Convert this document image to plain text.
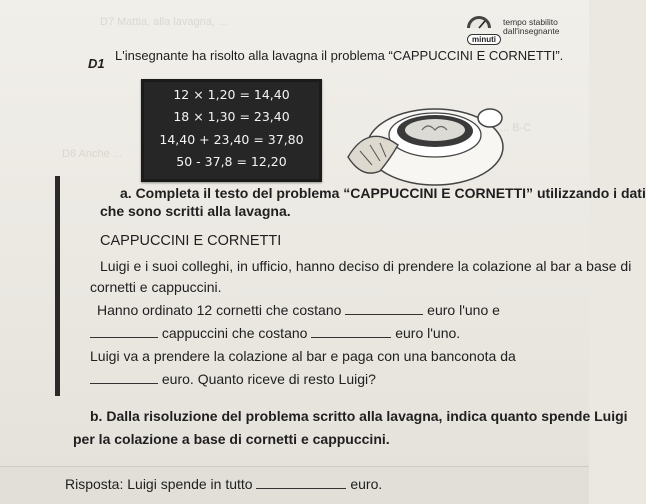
D7 Mattia, alla lavagna, ...
D8 Anche ...
... B-C
minuti
tempo stabilito
dall'insegnante
D1
L'insegnante ha risolto alla lavagna il problema “CAPPUCCINI E CORNETTI”.
12 × 1,20 = 14,40
18 × 1,30 = 23,40
14,40 + 23,40 = 37,80
50 - 37,8 = 12,20
a. Completa il testo del problema “CAPPUCCINI E CORNETTI” utilizzando i dati
che sono scritti alla lavagna.
CAPPUCCINI E CORNETTI
Luigi e i suoi colleghi, in ufficio, hanno deciso di prendere la colazione al bar a base di
cornetti e cappuccini.
Hanno ordinato 12 cornetti che costano	euro l'uno e
cappuccini che costano	euro l'uno.
Luigi va a prendere la colazione al bar e paga con una banconota da
euro. Quanto riceve di resto Luigi?
b. Dalla risoluzione del problema scritto alla lavagna, indica quanto spende Luigi
per la colazione a base di cornetti e cappuccini.
Risposta: Luigi spende in tutto	euro.
